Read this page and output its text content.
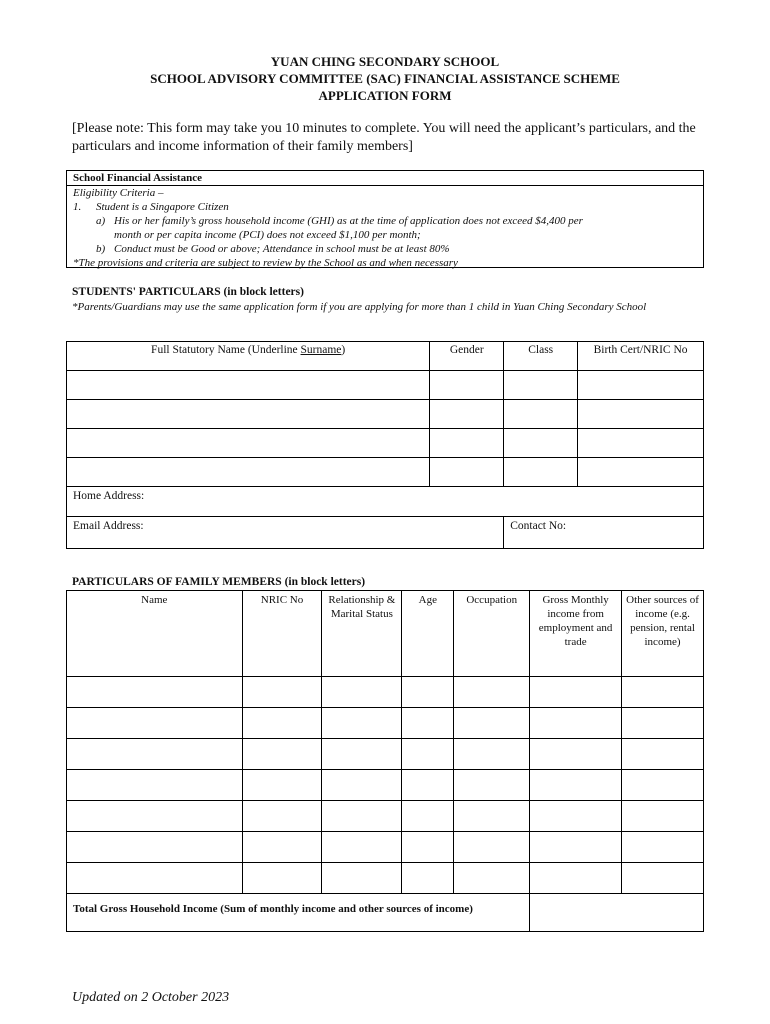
YUAN CHING SECONDARY SCHOOL
SCHOOL ADVISORY COMMITTEE (SAC) FINANCIAL ASSISTANCE SCHEME
APPLICATION FORM
[Please note: This form may take you 10 minutes to complete. You will need the applicant’s particulars, and the particulars and income information of their family members]
School Financial Assistance
Eligibility Criteria –
1. Student is a Singapore Citizen
a) His or her family’s gross household income (GHI) as at the time of application does not exceed $4,400 per
month or per capita income (PCI) does not exceed $1,100 per month;
b) Conduct must be Good or above; Attendance in school must be at least 80%
*The provisions and criteria are subject to review by the School as and when necessary
STUDENTS' PARTICULARS (in block letters)
*Parents/Guardians may use the same application form if you are applying for more than 1 child in Yuan Ching Secondary School
Full Statutory Name (Underline Surname)	Gender	Class	Birth Cert/NRIC No

Home Address:			
Email Address:		Contact No:	
PARTICULARS OF FAMILY MEMBERS (in block letters)
Name	NRIC No	Relationship & Marital Status	Age	Occupation	Gross Monthly income from employment and trade	Other sources of income (e.g. pension, rental income)

Total Gross Household Income (Sum of monthly income and other sources of income)						
Updated on 2 October 2023
